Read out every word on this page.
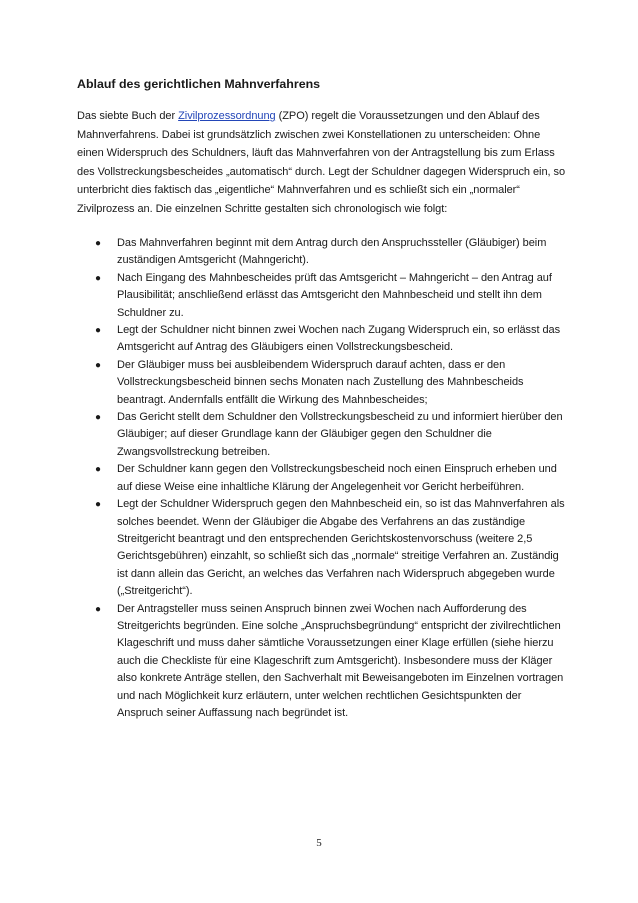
Ablauf des gerichtlichen Mahnverfahrens

Das siebte Buch der Zivilprozessordnung (ZPO) regelt die Voraussetzungen und den Ablauf des Mahnverfahrens. Dabei ist grundsätzlich zwischen zwei Konstellationen zu unterscheiden: Ohne einen Widerspruch des Schuldners, läuft das Mahnverfahren von der Antragstellung bis zum Erlass des Vollstreckungsbescheides „automatisch“ durch. Legt der Schuldner dagegen Widerspruch ein, so unterbricht dies faktisch das „eigentliche“ Mahnverfahren und es schließt sich ein „normaler“ Zivilprozess an. Die einzelnen Schritte gestalten sich chronologisch wie folgt:

● Das Mahnverfahren beginnt mit dem Antrag durch den Anspruchssteller (Gläubiger) beim zuständigen Amtsgericht (Mahngericht).
● Nach Eingang des Mahnbescheides prüft das Amtsgericht – Mahngericht – den Antrag auf Plausibilität; anschließend erlässt das Amtsgericht den Mahnbescheid und stellt ihn dem Schuldner zu.
● Legt der Schuldner nicht binnen zwei Wochen nach Zugang Widerspruch ein, so erlässt das Amtsgericht auf Antrag des Gläubigers einen Vollstreckungsbescheid.
● Der Gläubiger muss bei ausbleibendem Widerspruch darauf achten, dass er den Vollstreckungsbescheid binnen sechs Monaten nach Zustellung des Mahnbescheids beantragt. Andernfalls entfällt die Wirkung des Mahnbescheides;
● Das Gericht stellt dem Schuldner den Vollstreckungsbescheid zu und informiert hierüber den Gläubiger; auf dieser Grundlage kann der Gläubiger gegen den Schuldner die Zwangsvollstreckung betreiben.
● Der Schuldner kann gegen den Vollstreckungsbescheid noch einen Einspruch erheben und auf diese Weise eine inhaltliche Klärung der Angelegenheit vor Gericht herbeiführen.
● Legt der Schuldner Widerspruch gegen den Mahnbescheid ein, so ist das Mahnverfahren als solches beendet. Wenn der Gläubiger die Abgabe des Verfahrens an das zuständige Streitgericht beantragt und den entsprechenden Gerichtskostenvorschuss (weitere 2,5 Gerichtsgebühren) einzahlt, so schließt sich das „normale“ streitige Verfahren an. Zuständig ist dann allein das Gericht, an welches das Verfahren nach Widerspruch abgegeben wurde („Streitgericht“).
● Der Antragsteller muss seinen Anspruch binnen zwei Wochen nach Aufforderung des Streitgerichts begründen. Eine solche „Anspruchsbegründung“ entspricht der zivilrechtlichen Klageschrift und muss daher sämtliche Voraussetzungen einer Klage erfüllen (siehe hierzu auch die Checkliste für eine Klageschrift zum Amtsgericht). Insbesondere muss der Kläger also konkrete Anträge stellen, den Sachverhalt mit Beweisangeboten im Einzelnen vortragen und nach Möglichkeit kurz erläutern, unter welchen rechtlichen Gesichtspunkten der Anspruch seiner Auffassung nach begründet ist.
5
